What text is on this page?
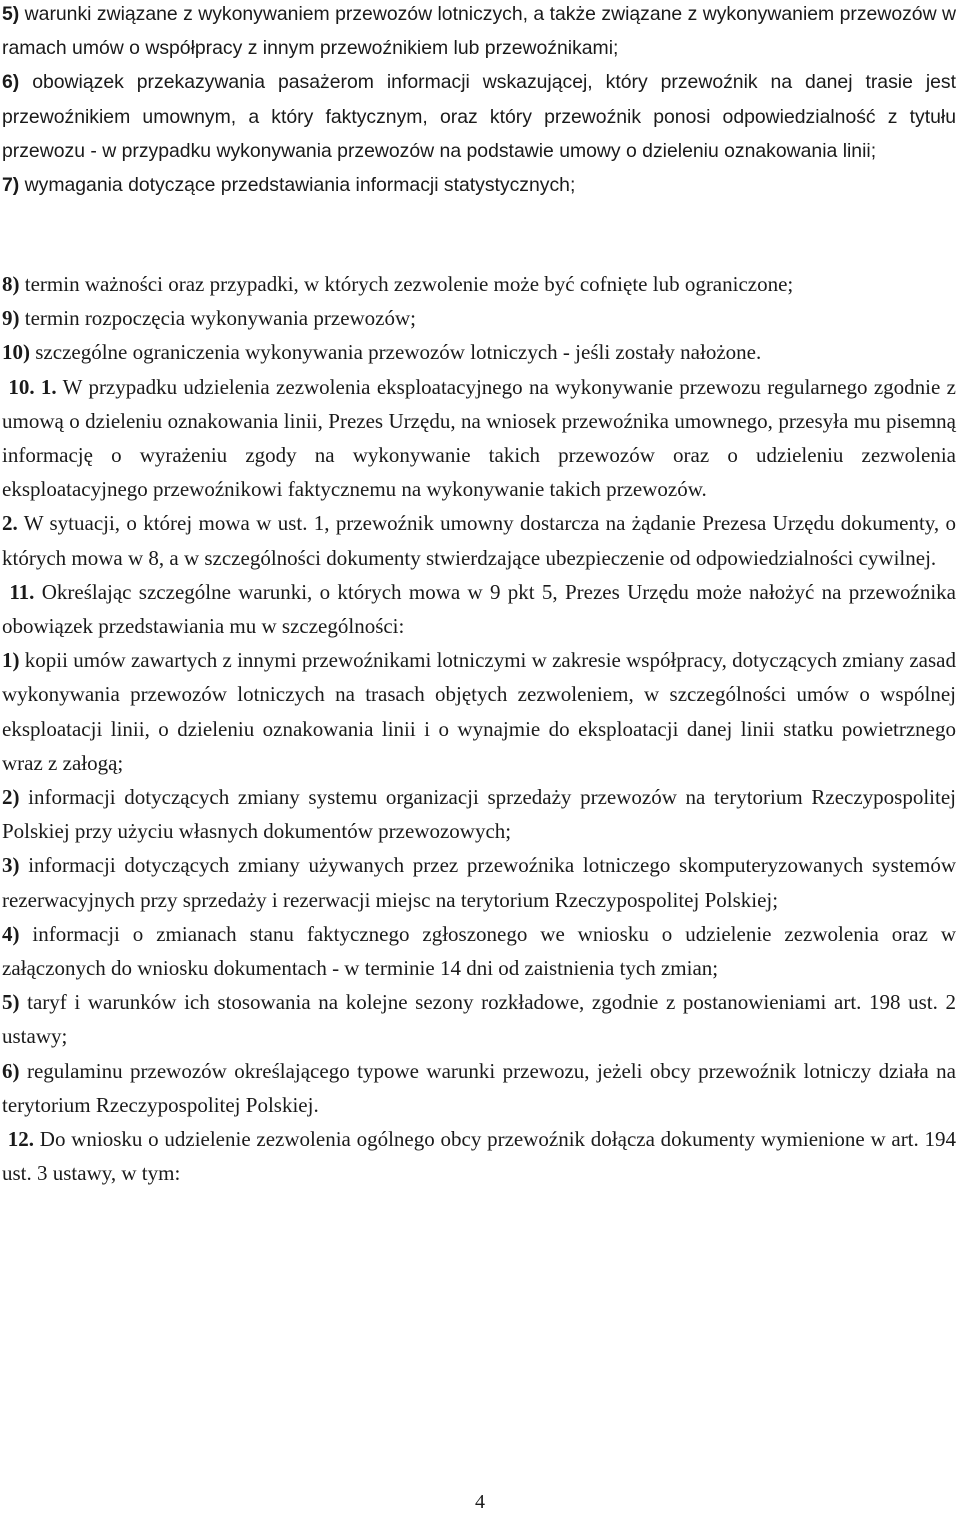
5) warunki związane z wykonywaniem przewozów lotniczych, a także związane z wykonywaniem przewozów w ramach umów o współpracy z innym przewoźnikiem lub przewoźnikami;

6) obowiązek przekazywania pasażerom informacji wskazującej, który przewoźnik na danej trasie jest przewoźnikiem umownym, a który faktycznym, oraz który przewoźnik ponosi odpowiedzialność z tytułu przewozu - w przypadku wykonywania przewozów na podstawie umowy o dzieleniu oznakowania linii;

7) wymagania dotyczące przedstawiania informacji statystycznych;

8) termin ważności oraz przypadki, w których zezwolenie może być cofnięte lub ograniczone;

9) termin rozpoczęcia wykonywania przewozów;

10) szczególne ograniczenia wykonywania przewozów lotniczych - jeśli zostały nałożone.

10. 1. W przypadku udzielenia zezwolenia eksploatacyjnego na wykonywanie przewozu regularnego zgodnie z umową o dzieleniu oznakowania linii, Prezes Urzędu, na wniosek przewoźnika umownego, przesyła mu pisemną informację o wyrażeniu zgody na wykonywanie takich przewozów oraz o udzieleniu zezwolenia eksploatacyjnego przewoźnikowi faktycznemu na wykonywanie takich przewozów.

2. W sytuacji, o której mowa w ust. 1, przewoźnik umowny dostarcza na żądanie Prezesa Urzędu dokumenty, o których mowa w 8, a w szczególności dokumenty stwierdzające ubezpieczenie od odpowiedzialności cywilnej.

11. Określając szczególne warunki, o których mowa w 9 pkt 5, Prezes Urzędu może nałożyć na przewoźnika obowiązek przedstawiania mu w szczególności:

1) kopii umów zawartych z innymi przewoźnikami lotniczymi w zakresie współpracy, dotyczących zmiany zasad wykonywania przewozów lotniczych na trasach objętych zezwoleniem, w szczególności umów o wspólnej eksploatacji linii, o dzieleniu oznakowania linii i o wynajmie do eksploatacji danej linii statku powietrznego wraz z załogą;

2) informacji dotyczących zmiany systemu organizacji sprzedaży przewozów na terytorium Rzeczypospolitej Polskiej przy użyciu własnych dokumentów przewozowych;

3) informacji dotyczących zmiany używanych przez przewoźnika lotniczego skomputeryzowanych systemów rezerwacyjnych przy sprzedaży i rezerwacji miejsc na terytorium Rzeczypospolitej Polskiej;

4) informacji o zmianach stanu faktycznego zgłoszonego we wniosku o udzielenie zezwolenia oraz w załączonych do wniosku dokumentach - w terminie 14 dni od zaistnienia tych zmian;

5) taryf i warunków ich stosowania na kolejne sezony rozkładowe, zgodnie z postanowieniami art. 198 ust. 2 ustawy;

6) regulaminu przewozów określającego typowe warunki przewozu, jeżeli obcy przewoźnik lotniczy działa na terytorium Rzeczypospolitej Polskiej.

12. Do wniosku o udzielenie zezwolenia ogólnego obcy przewoźnik dołącza dokumenty wymienione w art. 194 ust. 3 ustawy, w tym:

4
